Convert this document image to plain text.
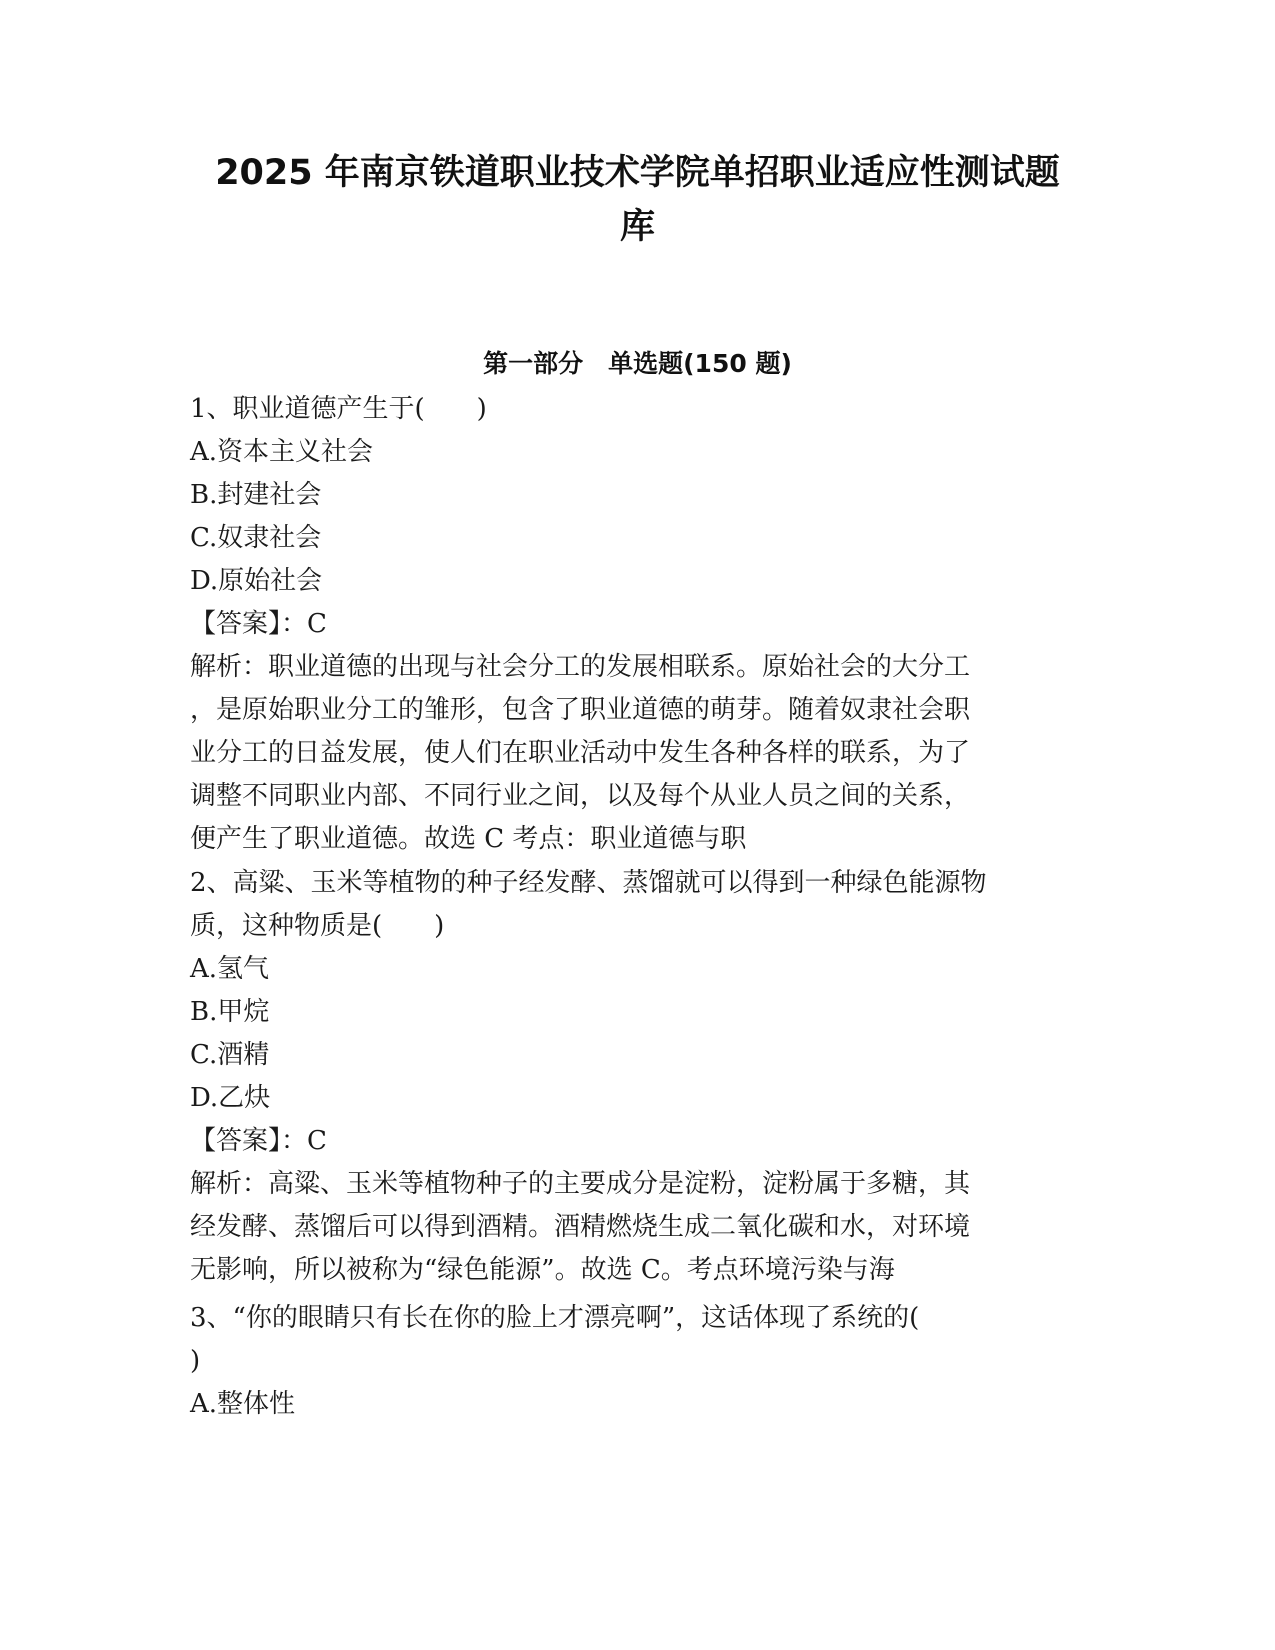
2025 年南京铁道职业技术学院单招职业适应性测试题
库
第一部分　单选题(150 题)
1、职业道德产生于(　　)
A.资本主义社会
B.封建社会
C.奴隶社会
D.原始社会
【答案】：C
解析：职业道德的出现与社会分工的发展相联系。原始社会的大分工
，是原始职业分工的雏形，包含了职业道德的萌芽。随着奴隶社会职
业分工的日益发展，使人们在职业活动中发生各种各样的联系，为了
调整不同职业内部、不同行业之间，以及每个从业人员之间的关系，
便产生了职业道德。故选 C 考点：职业道德与职
2、高粱、玉米等植物的种子经发酵、蒸馏就可以得到一种绿色能源物
质，这种物质是(　　)
A.氢气
B.甲烷
C.酒精
D.乙炔
【答案】：C
解析：高粱、玉米等植物种子的主要成分是淀粉，淀粉属于多糖，其
经发酵、蒸馏后可以得到酒精。酒精燃烧生成二氧化碳和水，对环境
无影响，所以被称为“绿色能源”。故选 C。考点环境污染与海
3、“你的眼睛只有长在你的脸上才漂亮啊”，这话体现了系统的(
)
A.整体性
